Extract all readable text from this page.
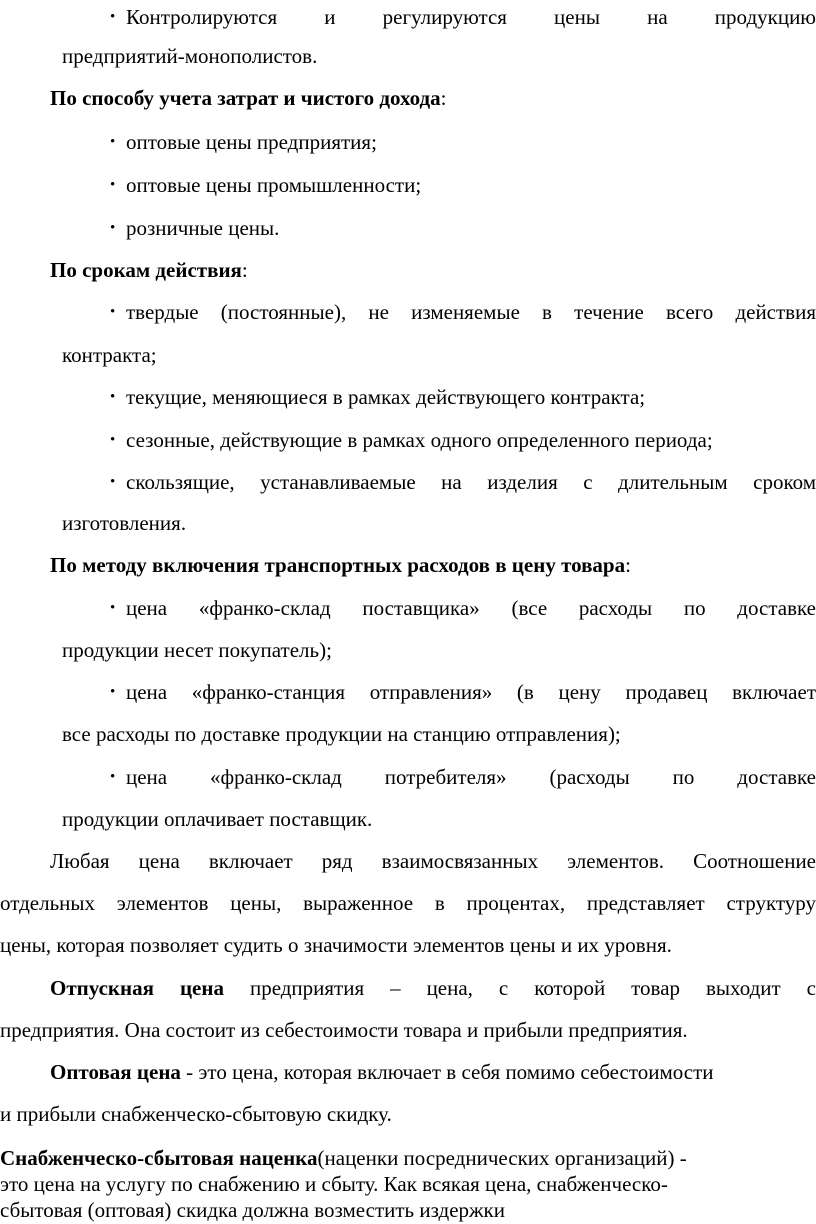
• Контролируются и регулируются цены на продукцию
предприятий-монополистов.
По способу учета затрат и чистого дохода:
• оптовые цены предприятия;
• оптовые цены промышленности;
• розничные цены.
По срокам действия:
• твердые (постоянные), не изменяемые в течение всего действия
контракта;
• текущие, меняющиеся в рамках действующего контракта;
• сезонные, действующие в рамках одного определенного периода;
• скользящие, устанавливаемые на изделия с длительным сроком
изготовления.
По методу включения транспортных расходов в цену товара:
• цена «франко-склад поставщика» (все расходы по доставке
продукции несет покупатель);
• цена «франко-станция отправления» (в цену продавец включает
все расходы по доставке продукции на станцию отправления);
• цена «франко-склад потребителя» (расходы по доставке
продукции оплачивает поставщик.
Любая цена включает ряд взаимосвязанных элементов. Соотношение
отдельных элементов цены, выраженное в процентах, представляет структуру
цены, которая позволяет судить о значимости элементов цены и их уровня.
Отпускная цена предприятия – цена, с которой товар выходит с
предприятия. Она состоит из себестоимости товара и прибыли предприятия.
Оптовая цена - это цена, которая включает в себя помимо себестоимости
и прибыли снабженческо-сбытовую скидку.
Снабженческо-сбытовая наценка(наценки посреднических организаций) -
это цена на услугу по снабжению и сбыту. Как всякая цена, снабженческо-
сбытовая (оптовая) скидка должна возместить издержки
